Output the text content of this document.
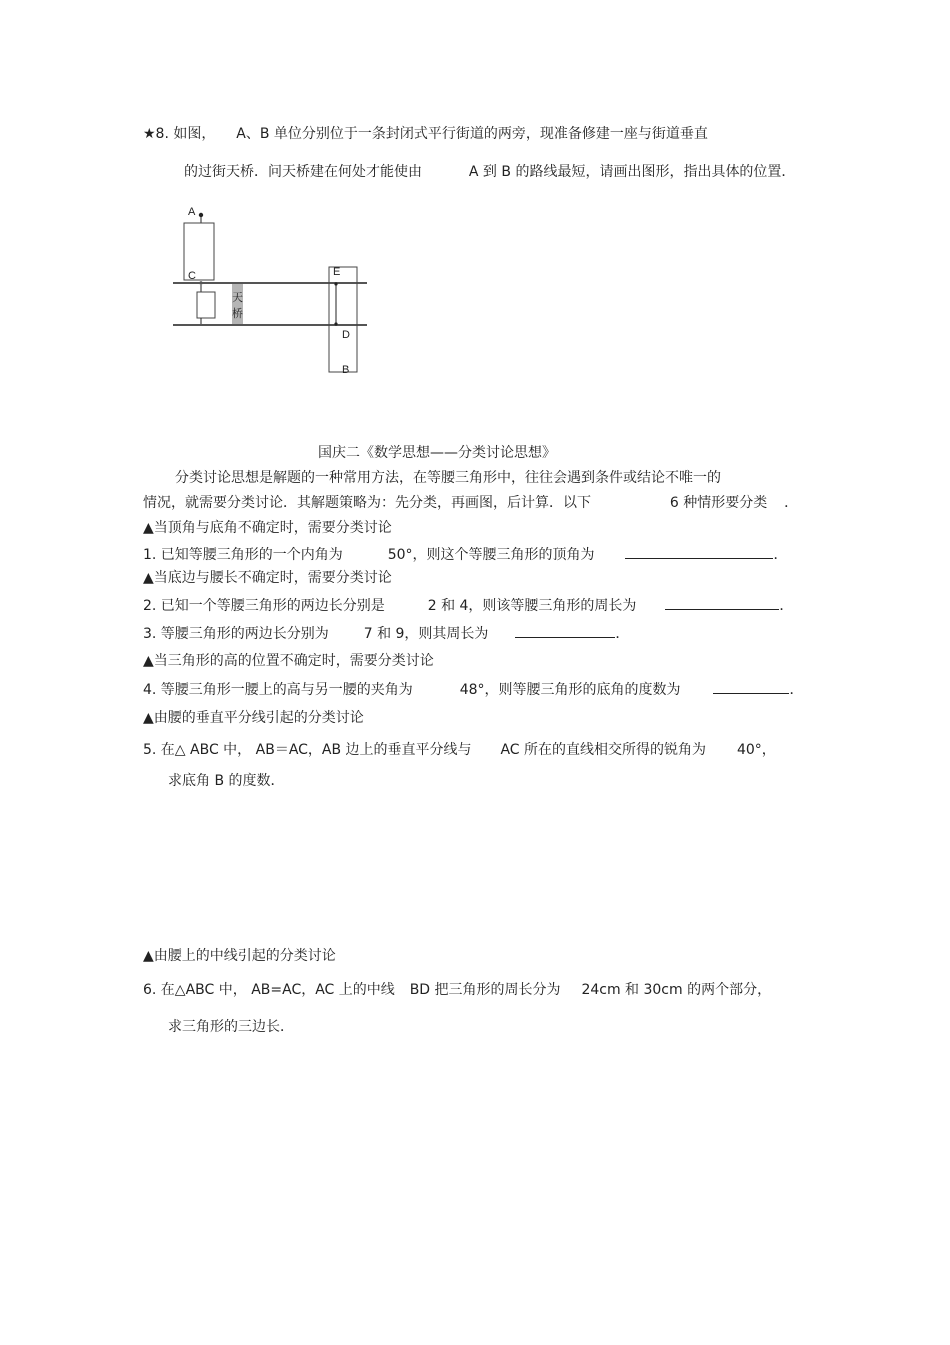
★8. 如图， A、B 单位分别位于一条封闭式平行街道的两旁，现准备修建一座与街道垂直
的过街天桥．问天桥建在何处才能使由	A 到 B 的路线最短，请画出图形，指出具体的位置．
A
C
天
桥
E
D
B
国庆二《数学思想——分类讨论思想》
分类讨论思想是解题的一种常用方法，在等腰三角形中，往往会遇到条件或结论不唯一的
情况，就需要分类讨论．其解题策略为：先分类，再画图，后计算．以下	6 种情形要分类 ．
▲当顶角与底角不确定时，需要分类讨论
1. 已知等腰三角形的一个内角为	50°，则这个等腰三角形的顶角为	．
▲当底边与腰长不确定时，需要分类讨论
2. 已知一个等腰三角形的两边长分别是	2 和 4，则该等腰三角形的周长为	．
3. 等腰三角形的两边长分别为 7 和 9，则其周长为	．
▲当三角形的高的位置不确定时，需要分类讨论
4. 等腰三角形一腰上的高与另一腰的夹角为	48°，则等腰三角形的底角的度数为	．
▲由腰的垂直平分线引起的分类讨论
5. 在△ ABC 中， AB＝AC，AB 边上的垂直平分线与 AC 所在的直线相交所得的锐角为 40°，
求底角 B 的度数．
▲由腰上的中线引起的分类讨论
6. 在△ABC 中， AB=AC，AC 上的中线 BD 把三角形的周长分为 24cm 和 30cm 的两个部分，
求三角形的三边长．
